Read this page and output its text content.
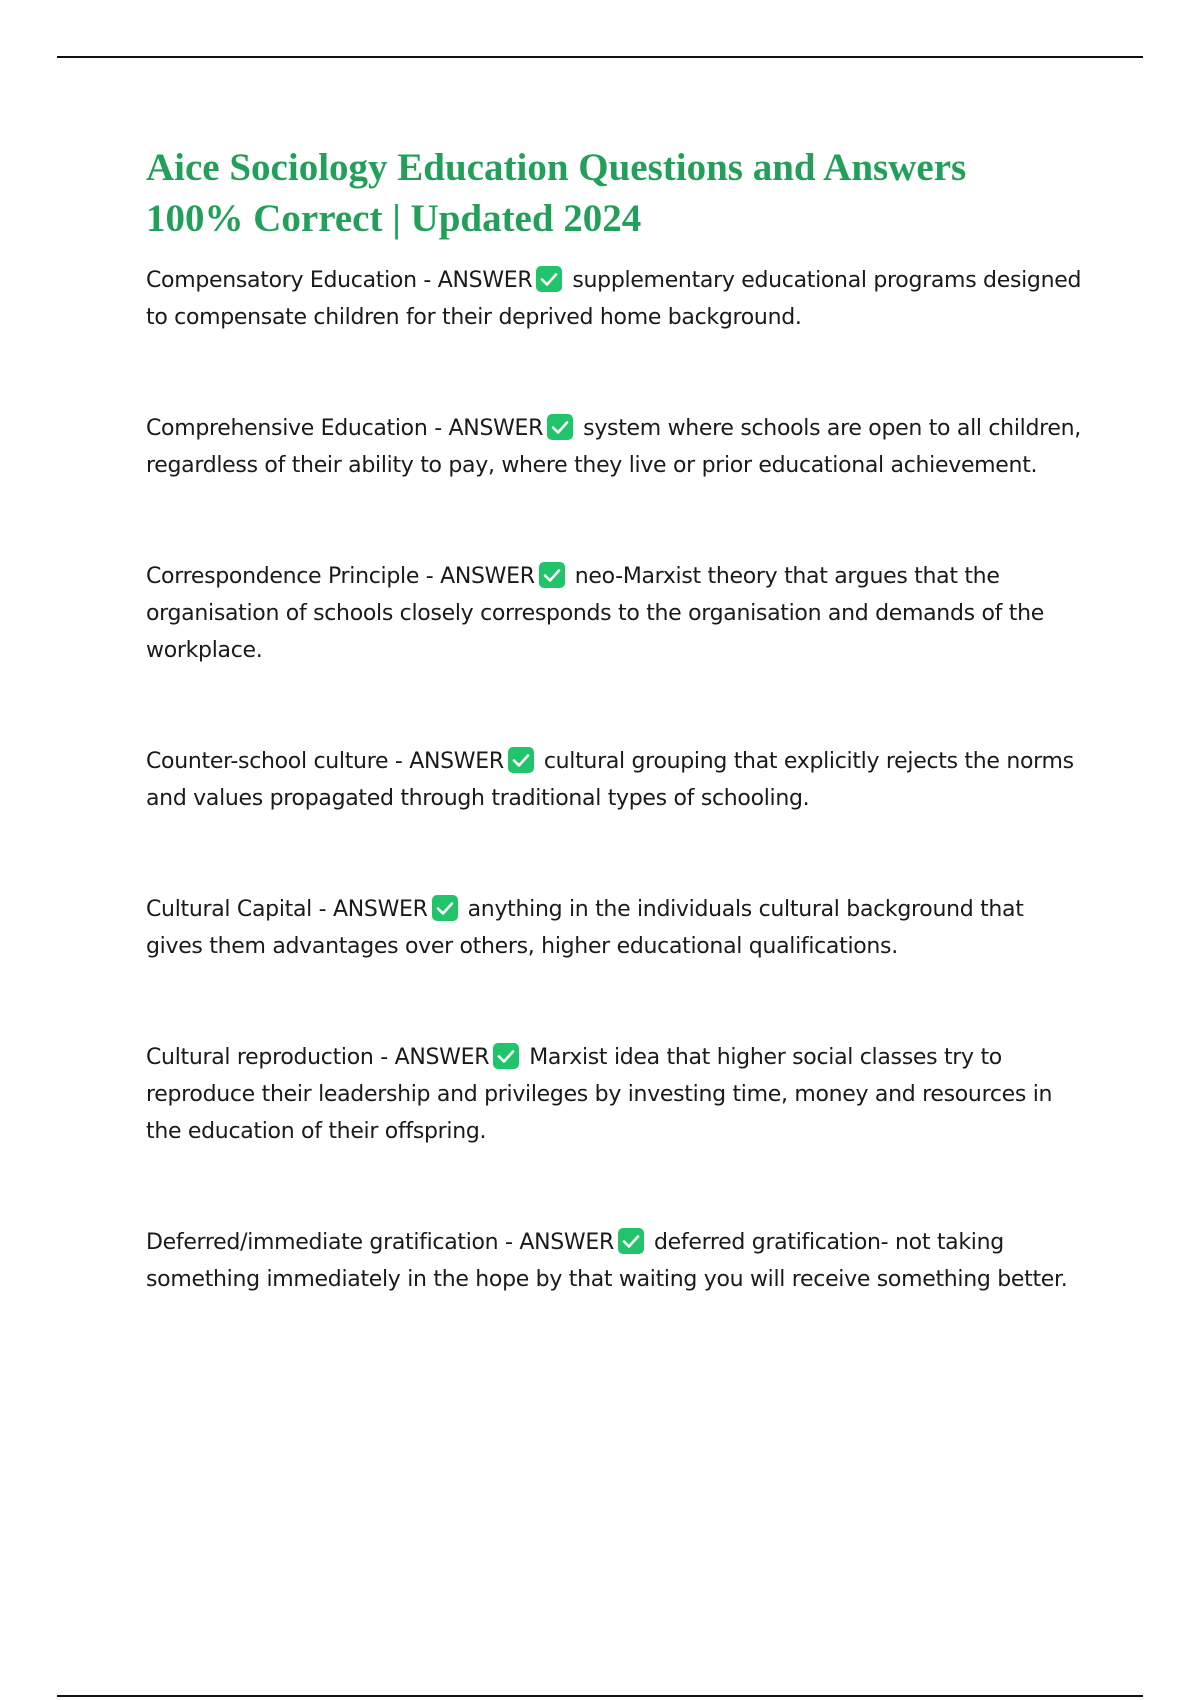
Aice Sociology Education Questions and Answers
100% Correct | Updated 2024

Compensatory Education - ANSWER supplementary educational programs designed to compensate children for their deprived home background.

Comprehensive Education - ANSWER system where schools are open to all children, regardless of their ability to pay, where they live or prior educational achievement.

Correspondence Principle - ANSWER neo-Marxist theory that argues that the organisation of schools closely corresponds to the organisation and demands of the workplace.

Counter-school culture - ANSWER cultural grouping that explicitly rejects the norms and values propagated through traditional types of schooling.

Cultural Capital - ANSWER anything in the individuals cultural background that gives them advantages over others, higher educational qualifications.

Cultural reproduction - ANSWER Marxist idea that higher social classes try to reproduce their leadership and privileges by investing time, money and resources in the education of their offspring.

Deferred/immediate gratification - ANSWER deferred gratification- not taking something immediately in the hope by that waiting you will receive something better.
